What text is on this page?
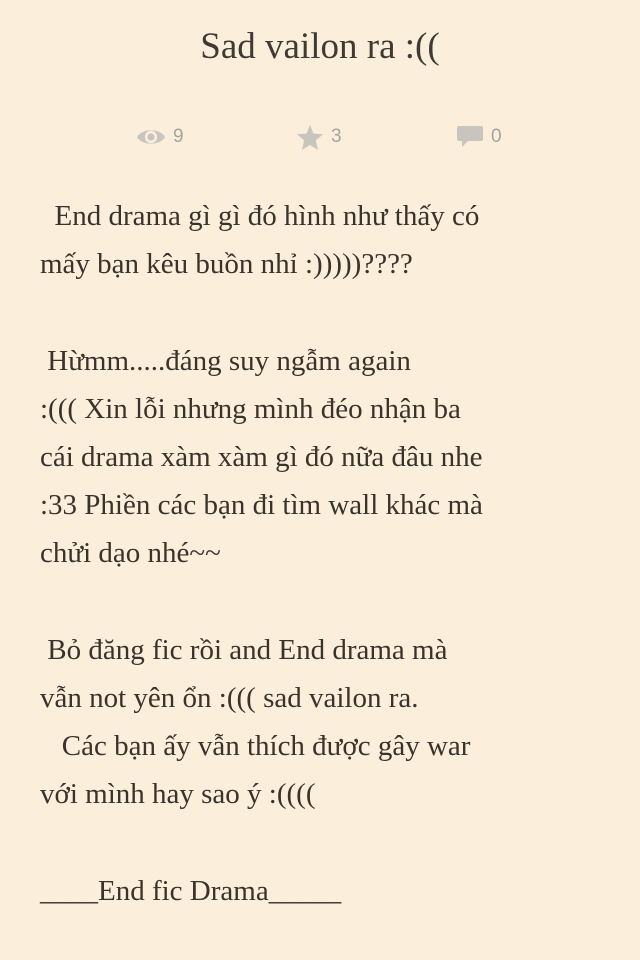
Sad vailon ra :((
9	3	0

End drama gì gì đó hình như thấy có

mấy bạn kêu buồn nhỉ :)))))????

Hừmm.....đáng suy ngẫm again

:((( Xin lỗi nhưng mình đéo nhận ba

cái drama xàm xàm gì đó nữa đâu nhe

:33 Phiền các bạn đi tìm wall khác mà

chửi dạo nhé~~

Bỏ đăng fic rồi and End drama mà

vẫn not yên ổn :((( sad vailon ra.

Các bạn ấy vẫn thích được gây war

với mình hay sao ý :((((

____End fic Drama_____
